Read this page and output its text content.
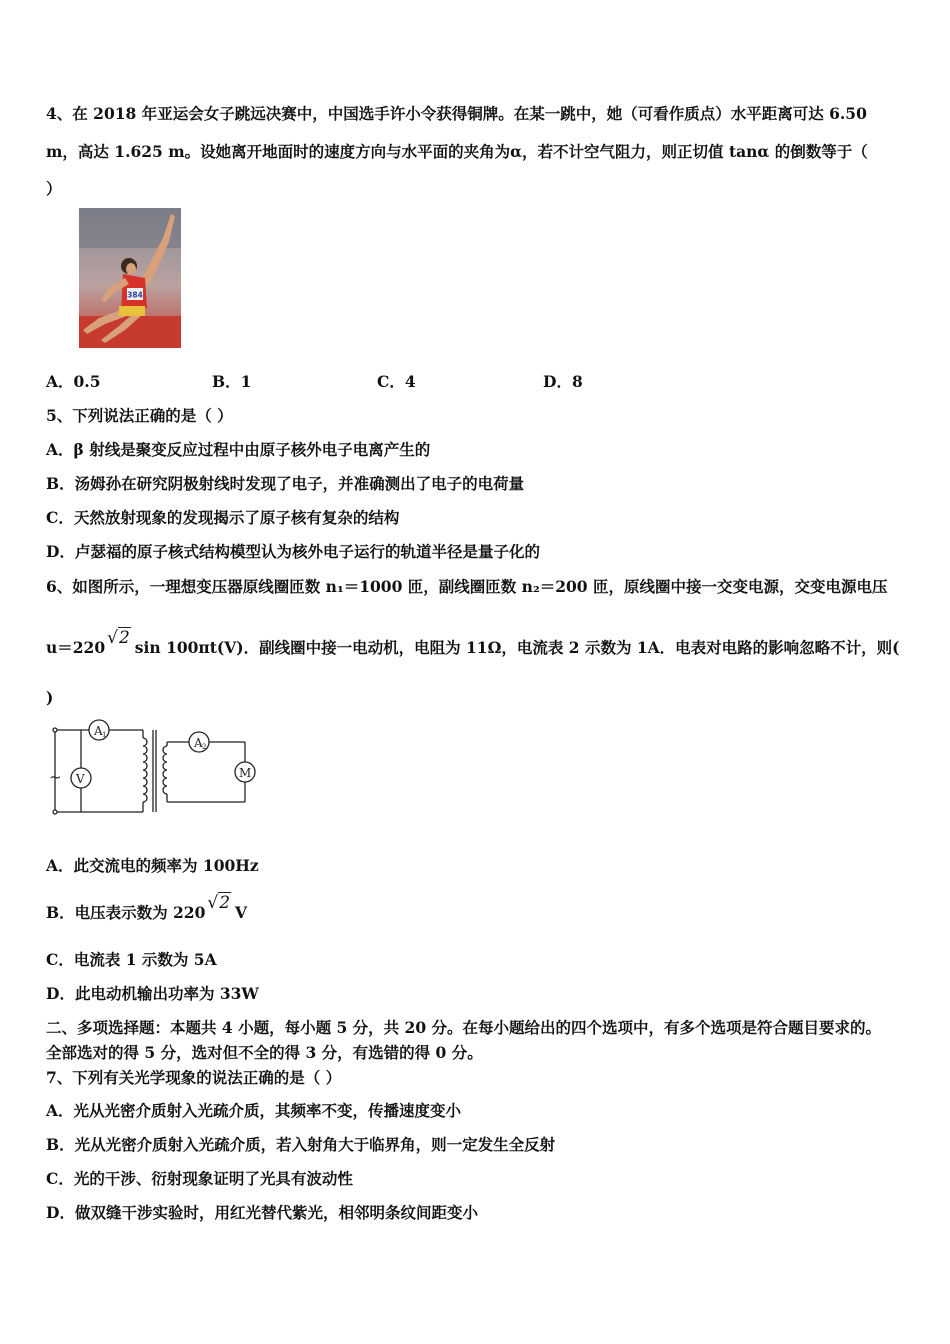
4、在 2018 年亚运会女子跳远决赛中，中国选手许小令获得铜牌。在某一跳中，她（可看作质点）水平距离可达 6.50
m，高达 1.625 m。设她离开地面时的速度方向与水平面的夹角为α，若不计空气阻力，则正切值 tanα 的倒数等于（
）
384
A．0.5	B．1	C．4	D．8
5、下列说法正确的是（ ）
A．β 射线是聚变反应过程中由原子核外电子电离产生的
B．汤姆孙在研究阴极射线时发现了电子，并准确测出了电子的电荷量
C．天然放射现象的发现揭示了原子核有复杂的结构
D．卢瑟福的原子核式结构模型认为核外电子运行的轨道半径是量子化的
6、如图所示，一理想变压器原线圈匝数 n₁＝1000 匝，副线圈匝数 n₂＝200 匝，原线圈中接一交变电源，交变电源电压
u＝220 √2 sin 100πt(V)．副线圈中接一电动机，电阻为 11Ω，电流表 2 示数为 1A．电表对电路的影响忽略不计，则(
)
~
A 1
V
A 2
M
A．此交流电的频率为 100Hz
B．电压表示数为 220 √2 V
C．电流表 1 示数为 5A
D．此电动机输出功率为 33W
二、多项选择题：本题共 4 小题，每小题 5 分，共 20 分。在每小题给出的四个选项中，有多个选项是符合题目要求的。
全部选对的得 5 分，选对但不全的得 3 分，有选错的得 0 分。
7、下列有关光学现象的说法正确的是（ ）
A．光从光密介质射入光疏介质，其频率不变，传播速度变小
B．光从光密介质射入光疏介质，若入射角大于临界角，则一定发生全反射
C．光的干涉、衍射现象证明了光具有波动性
D．做双缝干涉实验时，用红光替代紫光，相邻明条纹间距变小
